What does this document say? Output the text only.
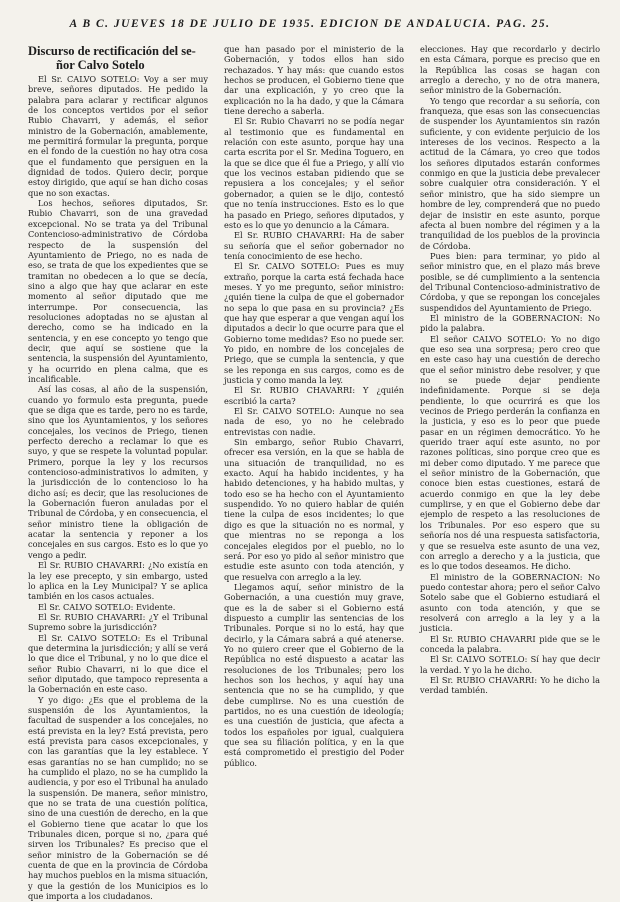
A B C. JUEVES 18 DE JULIO DE 1935. EDICION DE ANDALUCIA. PAG. 25.
Discurso de rectificación del se-
ñor Calvo Sotelo

El Sr. CALVO SOTELO: Voy a ser muy breve, señores diputados. He pedido la palabra para aclarar y rectificar algunos de los conceptos vertidos por el señor Rubio Chavarri, y además, el señor ministro de la Gobernación, amablemente, me permitirá formular la pregunta, porque en el fondo de la cuestión no hay otra cosa que el fundamento que persiguen en la dignidad de todos. Quiero decir, porque estoy dirigido, que aquí se han dicho cosas que no son exactas.

Los hechos, señores diputados, Sr. Rubio Chavarri, son de una gravedad excepcional. No se trata ya del Tribunal Contencioso-administrativo de Córdoba respecto de la suspensión del Ayuntamiento de Priego, no es nada de eso, se trata de que los expedientes que se tramitan no obedecen a lo que se decía, sino a algo que hay que aclarar en este momento al señor diputado que me interrumpe. Por consecuencia, las resoluciones adoptadas no se ajustan al derecho, como se ha indicado en la sentencia, y en ese concepto yo tengo que decir, que aquí se sostiene que la sentencia, la suspensión del Ayuntamiento, y ha ocurrido en plena calma, que es incalificable.

Así las cosas, al año de la suspensión, cuando yo formulo esta pregunta, puede que se diga que es tarde, pero no es tarde, sino que los Ayuntamientos, y los señores concejales, los vecinos de Priego, tienen perfecto derecho a reclamar lo que es suyo, y que se respete la voluntad popular. Primero, porque la ley y los recursos contencioso-administrativos lo admiten, y la jurisdicción de lo contencioso lo ha dicho así; es decir, que las resoluciones de la Gobernación fueron anuladas por el Tribunal de Córdoba, y en consecuencia, el señor ministro tiene la obligación de acatar la sentencia y reponer a los concejales en sus cargos. Esto es lo que yo vengo a pedir.

El Sr. RUBIO CHAVARRI: ¿No existía en la ley ese precepto, y sin embargo, usted lo aplica en la Ley Municipal? Y se aplica también en los casos actuales.

El Sr. CALVO SOTELO: Evidente.

El Sr. RUBIO CHAVARRI: ¿Y el Tribunal Supremo sobre la jurisdicción?

El Sr. CALVO SOTELO: Es el Tribunal que determina la jurisdicción; y allí se verá lo que dice el Tribunal, y no lo que dice el señor Rubio Chavarri, ni lo que dice el señor diputado, que tampoco representa a la Gobernación en este caso.

Y yo digo: ¿Es que el problema de la suspensión de los Ayuntamientos, la facultad de suspender a los concejales, no está prevista en la ley? Está prevista, pero está prevista para casos excepcionales, y con las garantías que la ley establece. Y esas garantías no se han cumplido; no se ha cumplido el plazo, no se ha cumplido la audiencia, y por eso el Tribunal ha anulado la suspensión. De manera, señor ministro, que no se trata de una cuestión política, sino de una cuestión de derecho, en la que el Gobierno tiene que acatar lo que los Tribunales dicen, porque si no, ¿para qué sirven los Tribunales? Es preciso que el señor ministro de la Gobernación se dé cuenta de que en la provincia de Córdoba hay muchos pueblos en la misma situación, y que la gestión de los Municipios es lo que importa a los ciudadanos.

que han pasado por el ministerio de la Gobernación, y todos ellos han sido rechazados. Y hay más: que cuando estos hechos se producen, el Gobierno tiene que dar una explicación, y yo creo que la explicación no la ha dado, y que la Cámara tiene derecho a saberla.

El Sr. Rubio Chavarri no se podía negar al testimonio que es fundamental en relación con este asunto, porque hay una carta escrita por el Sr. Medina Toguero, en la que se dice que él fue a Priego, y allí vio que los vecinos estaban pidiendo que se repusiera a los concejales; y el señor gobernador, a quien se le dijo, contestó que no tenía instrucciones. Esto es lo que ha pasado en Priego, señores diputados, y esto es lo que yo denuncio a la Cámara.

El Sr. RUBIO CHAVARRI: Ha de saber su señoría que el señor gobernador no tenía conocimiento de ese hecho.

El Sr. CALVO SOTELO: Pues es muy extraño, porque la carta está fechada hace meses. Y yo me pregunto, señor ministro: ¿quién tiene la culpa de que el gobernador no sepa lo que pasa en su provincia? ¿Es que hay que esperar a que vengan aquí los diputados a decir lo que ocurre para que el Gobierno tome medidas? Eso no puede ser. Yo pido, en nombre de los concejales de Priego, que se cumpla la sentencia, y que se les reponga en sus cargos, como es de justicia y como manda la ley.

El Sr. RUBIO CHAVARRI: Y ¿quién escribió la carta?

El Sr. CALVO SOTELO: Aunque no sea nada de eso, yo no he celebrado entrevistas con nadie.

Sin embargo, señor Rubio Chavarri, ofrecer esa versión, en la que se habla de una situación de tranquilidad, no es exacto. Aquí ha habido incidentes, y ha habido detenciones, y ha habido multas, y todo eso se ha hecho con el Ayuntamiento suspendido. Yo no quiero hablar de quién tiene la culpa de esos incidentes; lo que digo es que la situación no es normal, y que mientras no se reponga a los concejales elegidos por el pueblo, no lo será. Por eso yo pido al señor ministro que estudie este asunto con toda atención, y que resuelva con arreglo a la ley.

Llegamos aquí, señor ministro de la Gobernación, a una cuestión muy grave, que es la de saber si el Gobierno está dispuesto a cumplir las sentencias de los Tribunales. Porque si no lo está, hay que decirlo, y la Cámara sabrá a qué atenerse. Yo no quiero creer que el Gobierno de la República no esté dispuesto a acatar las resoluciones de los Tribunales; pero los hechos son los hechos, y aquí hay una sentencia que no se ha cumplido, y que debe cumplirse. No es una cuestión de partidos, no es una cuestión de ideología; es una cuestión de justicia, que afecta a todos los españoles por igual, cualquiera que sea su filiación política, y en la que está comprometido el prestigio del Poder público.

elecciones. Hay que recordarlo y decirlo en esta Cámara, porque es preciso que en la República las cosas se hagan con arreglo a derecho, y no de otra manera, señor ministro de la Gobernación.

Yo tengo que recordar a su señoría, con franqueza, que esas son las consecuencias de suspender los Ayuntamientos sin razón suficiente, y con evidente perjuicio de los intereses de los vecinos. Respecto a la actitud de la Cámara, yo creo que todos los señores diputados estarán conformes conmigo en que la justicia debe prevalecer sobre cualquier otra consideración. Y el señor ministro, que ha sido siempre un hombre de ley, comprenderá que no puedo dejar de insistir en este asunto, porque afecta al buen nombre del régimen y a la tranquilidad de los pueblos de la provincia de Córdoba.

Pues bien: para terminar, yo pido al señor ministro que, en el plazo más breve posible, se dé cumplimiento a la sentencia del Tribunal Contencioso-administrativo de Córdoba, y que se repongan los concejales suspendidos del Ayuntamiento de Priego.

El ministro de la GOBERNACION: No pido la palabra.

El señor CALVO SOTELO: Yo no digo que eso sea una sorpresa; pero creo que en este caso hay una cuestión de derecho que el señor ministro debe resolver, y que no se puede dejar pendiente indefinidamente. Porque si se deja pendiente, lo que ocurrirá es que los vecinos de Priego perderán la confianza en la justicia, y eso es lo peor que puede pasar en un régimen democrático. Yo he querido traer aquí este asunto, no por razones políticas, sino porque creo que es mi deber como diputado. Y me parece que el señor ministro de la Gobernación, que conoce bien estas cuestiones, estará de acuerdo conmigo en que la ley debe cumplirse, y en que el Gobierno debe dar ejemplo de respeto a las resoluciones de los Tribunales. Por eso espero que su señoría nos dé una respuesta satisfactoria, y que se resuelva este asunto de una vez, con arreglo a derecho y a la justicia, que es lo que todos deseamos. He dicho.

El ministro de la GOBERNACION: No puedo contestar ahora; pero el señor Calvo Sotelo sabe que el Gobierno estudiará el asunto con toda atención, y que se resolverá con arreglo a la ley y a la justicia.

El Sr. RUBIO CHAVARRI pide que se le conceda la palabra.

El Sr. CALVO SOTELO: Sí hay que decir la verdad. Y yo la he dicho.

El Sr. RUBIO CHAVARRI: Yo he dicho la verdad también.
